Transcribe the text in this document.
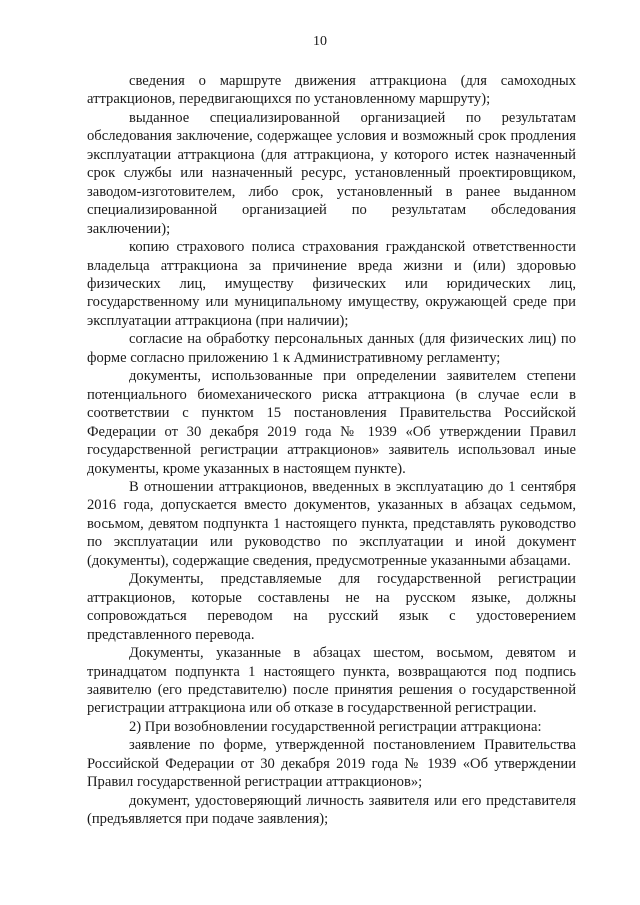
10

сведения о маршруте движения аттракциона (для самоходных аттракционов, передвигающихся по установленному маршруту);

выданное специализированной организацией по результатам обследования заключение, содержащее условия и возможный срок продления эксплуатации аттракциона (для аттракциона, у которого истек назначенный срок службы или назначенный ресурс, установленный проектировщиком, заводом-изготовителем, либо срок, установленный в ранее выданном специализированной организацией по результатам обследования заключении);

копию страхового полиса страхования гражданской ответственности владельца аттракциона за причинение вреда жизни и (или) здоровью физических лиц, имуществу физических или юридических лиц, государственному или муниципальному имуществу, окружающей среде при эксплуатации аттракциона (при наличии);

согласие на обработку персональных данных (для физических лиц) по форме согласно приложению 1 к Административному регламенту;

документы, использованные при определении заявителем степени потенциального биомеханического риска аттракциона (в случае если в соответствии с пунктом 15 постановления Правительства Российской Федерации от 30 декабря 2019 года № 1939 «Об утверждении Правил государственной регистрации аттракционов» заявитель использовал иные документы, кроме указанных в настоящем пункте).

В отношении аттракционов, введенных в эксплуатацию до 1 сентября 2016 года, допускается вместо документов, указанных в абзацах седьмом, восьмом, девятом подпункта 1 настоящего пункта, представлять руководство по эксплуатации или руководство по эксплуатации и иной документ (документы), содержащие сведения, предусмотренные указанными абзацами.

Документы, представляемые для государственной регистрации аттракционов, которые составлены не на русском языке, должны сопровождаться переводом на русский язык с удостоверением представленного перевода.

Документы, указанные в абзацах шестом, восьмом, девятом и тринадцатом подпункта 1 настоящего пункта, возвращаются под подпись заявителю (его представителю) после принятия решения о государственной регистрации аттракциона или об отказе в государственной регистрации.

2) При возобновлении государственной регистрации аттракциона:

заявление по форме, утвержденной постановлением Правительства Российской Федерации от 30 декабря 2019 года № 1939 «Об утверждении Правил государственной регистрации аттракционов»;

документ, удостоверяющий личность заявителя или его представителя (предъявляется при подаче заявления);
